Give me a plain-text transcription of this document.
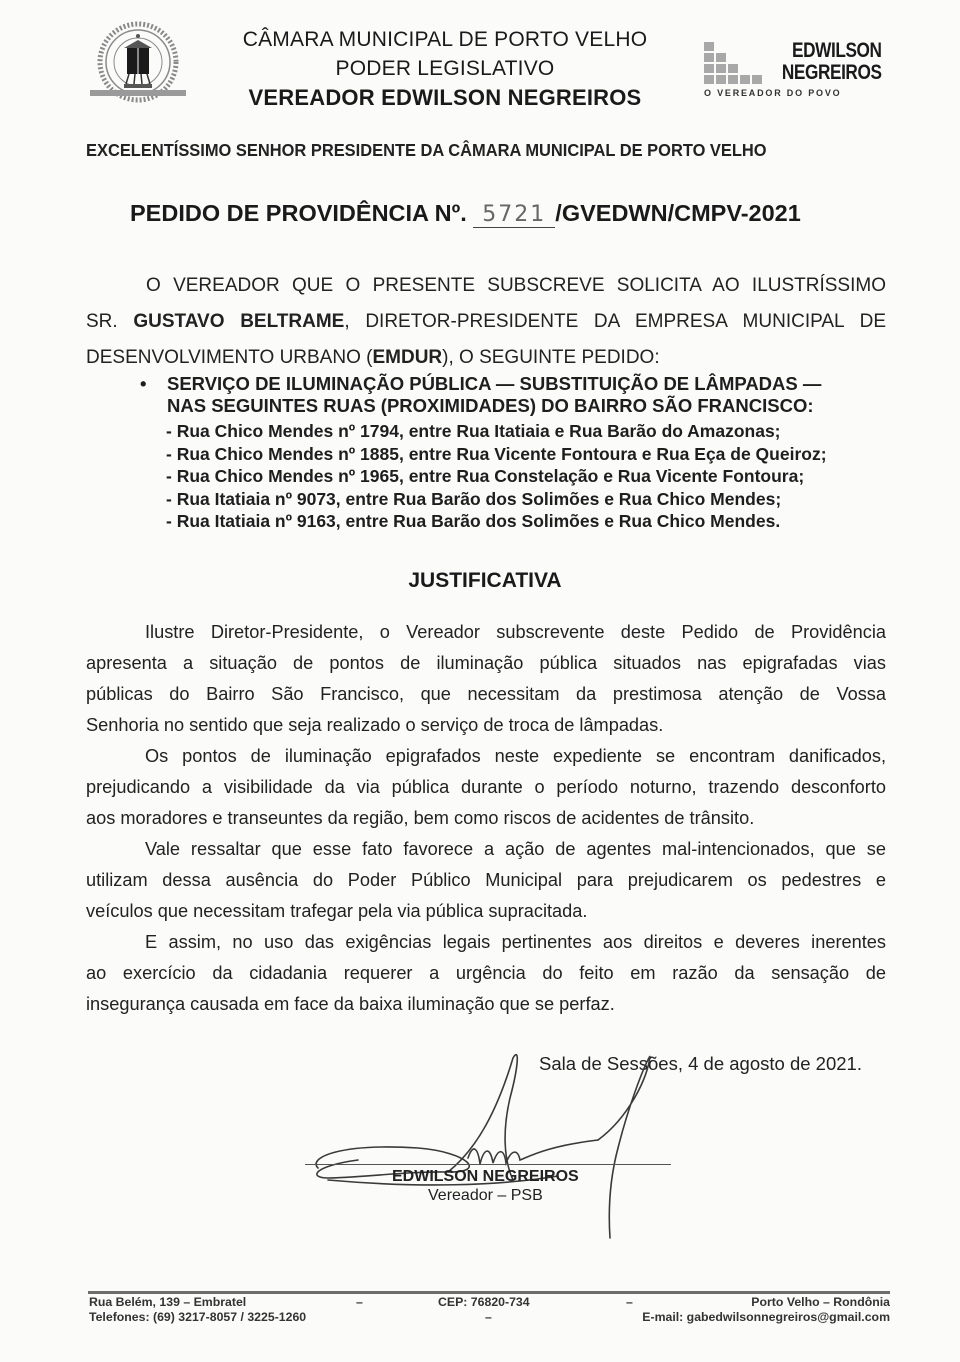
CÂMARA MUNICIPAL DE PORTO VELHO
PODER LEGISLATIVO
VEREADOR EDWILSON NEGREIROS
EDWILSON
NEGREIROS
O VEREADOR DO POVO
EXCELENTÍSSIMO SENHOR PRESIDENTE DA CÂMARA MUNICIPAL DE PORTO VELHO
PEDIDO DE PROVIDÊNCIA Nº. 5721 /GVEDWN/CMPV-2021

O VEREADOR QUE O PRESENTE SUBSCREVE SOLICITA AO ILUSTRÍSSIMO

SR. GUSTAVO BELTRAME, DIRETOR-PRESIDENTE DA EMPRESA MUNICIPAL DE

DESENVOLVIMENTO URBANO (EMDUR), O SEGUINTE PEDIDO:

• SERVIÇO DE ILUMINAÇÃO PÚBLICA — SUBSTITUIÇÃO DE LÂMPADAS —
NAS SEGUINTES RUAS (PROXIMIDADES) DO BAIRRO SÃO FRANCISCO:
- Rua Chico Mendes nº 1794, entre Rua Itatiaia e Rua Barão do Amazonas;
- Rua Chico Mendes nº 1885, entre Rua Vicente Fontoura e Rua Eça de Queiroz;
- Rua Chico Mendes nº 1965, entre Rua Constelação e Rua Vicente Fontoura;
- Rua Itatiaia nº 9073, entre Rua Barão dos Solimões e Rua Chico Mendes;
- Rua Itatiaia nº 9163, entre Rua Barão dos Solimões e Rua Chico Mendes.
JUSTIFICATIVA

Ilustre Diretor-Presidente, o Vereador subscrevente deste Pedido de Providência
apresenta a situação de pontos de iluminação pública situados nas epigrafadas vias
públicas do Bairro São Francisco, que necessitam da prestimosa atenção de Vossa
Senhoria no sentido que seja realizado o serviço de troca de lâmpadas.

Os pontos de iluminação epigrafados neste expediente se encontram danificados,
prejudicando a visibilidade da via pública durante o período noturno, trazendo desconforto
aos moradores e transeuntes da região, bem como riscos de acidentes de trânsito.

Vale ressaltar que esse fato favorece a ação de agentes mal-intencionados, que se
utilizam dessa ausência do Poder Público Municipal para prejudicarem os pedestres e
veículos que necessitam trafegar pela via pública supracitada.

E assim, no uso das exigências legais pertinentes aos direitos e deveres inerentes
ao exercício da cidadania requerer a urgência do feito em razão da sensação de
insegurança causada em face da baixa iluminação que se perfaz.

Sala de Sessões, 4 de agosto de 2021.
EDWILSON NEGREIROS
Vereador – PSB
Rua Belém, 139 – Embratel	–	CEP: 76820-734	–	Porto Velho – Rondônia
Telefones: (69) 3217-8057 / 3225-1260	–	E-mail: gabedwilsonnegreiros@gmail.com
